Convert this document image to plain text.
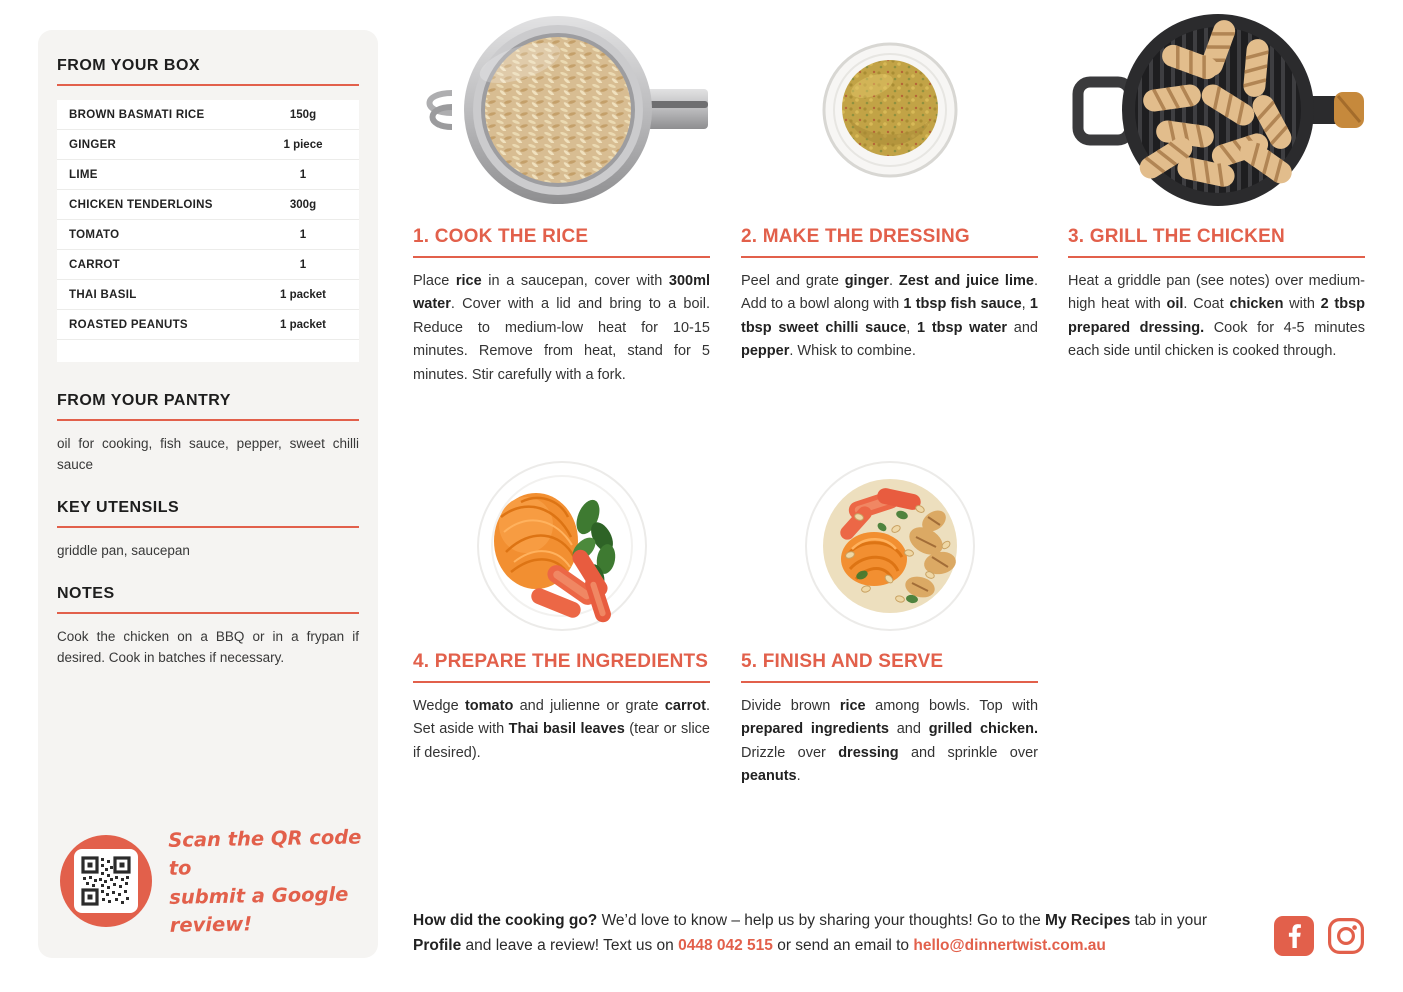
FROM YOUR BOX
BROWN BASMATI RICE	150g
GINGER	1 piece
LIME	1
CHICKEN TENDERLOINS	300g
TOMATO	1
CARROT	1
THAI BASIL	1 packet
ROASTED PEANUTS	1 packet
FROM YOUR PANTRY

oil for cooking, fish sauce, pepper, sweet chilli sauce

KEY UTENSILS

griddle pan, saucepan

NOTES

Cook the chicken on a BBQ or in a frypan if desired. Cook in batches if necessary.

Scan the QR code to
submit a Google review!
1. COOK THE RICE

Place rice in a saucepan, cover with 300ml water. Cover with a lid and bring to a boil. Reduce to medium-low heat for 10-15 minutes. Remove from heat, stand for 5 minutes. Stir carefully with a fork.

2. MAKE THE DRESSING

Peel and grate ginger. Zest and juice lime. Add to a bowl along with 1 tbsp fish sauce, 1 tbsp sweet chilli sauce, 1 tbsp water and pepper. Whisk to combine.

3. GRILL THE CHICKEN

Heat a griddle pan (see notes) over medium-high heat with oil. Coat chicken with 2 tbsp prepared dressing. Cook for 4-5 minutes each side until chicken is cooked through.

4. PREPARE THE INGREDIENTS

Wedge tomato and julienne or grate carrot. Set aside with Thai basil leaves (tear or slice if desired).

5. FINISH AND SERVE

Divide brown rice among bowls. Top with prepared ingredients and grilled chicken. Drizzle over dressing and sprinkle over peanuts.

How did the cooking go? We’d love to know – help us by sharing your thoughts! Go to the My Recipes tab in your Profile and leave a review! Text us on 0448 042 515 or send an email to hello@dinnertwist.com.au
